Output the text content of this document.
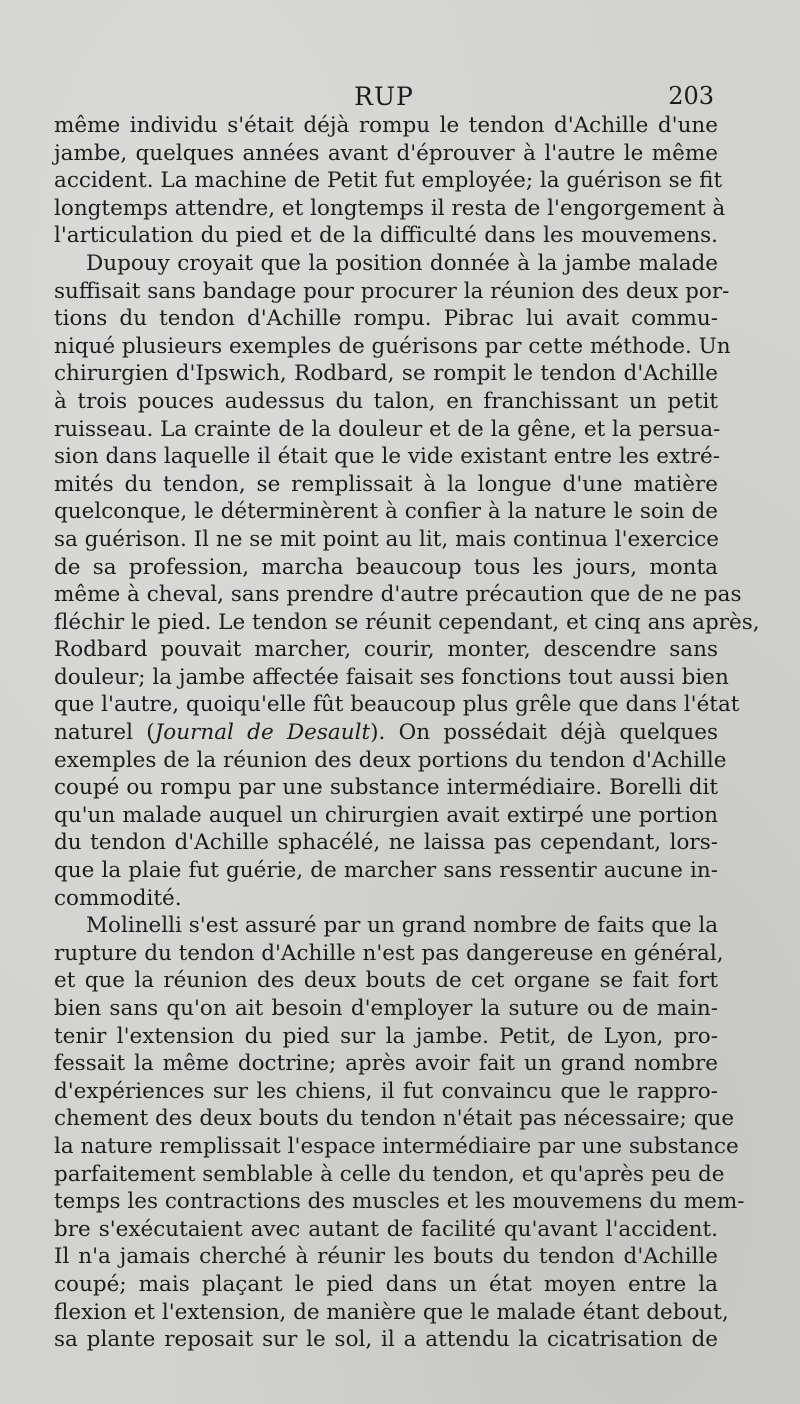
RUP	203
même individu s'était déjà rompu le tendon d'Achille d'une
jambe, quelques années avant d'éprouver à l'autre le même
accident. La machine de Petit fut employée; la guérison se fit
longtemps attendre, et longtemps il resta de l'engorgement à
l'articulation du pied et de la difficulté dans les mouvemens.
Dupouy croyait que la position donnée à la jambe malade
suffisait sans bandage pour procurer la réunion des deux por-
tions du tendon d'Achille rompu. Pibrac lui avait commu-
niqué plusieurs exemples de guérisons par cette méthode. Un
chirurgien d'Ipswich, Rodbard, se rompit le tendon d'Achille
à trois pouces audessus du talon, en franchissant un petit
ruisseau. La crainte de la douleur et de la gêne, et la persua-
sion dans laquelle il était que le vide existant entre les extré-
mités du tendon, se remplissait à la longue d'une matière
quelconque, le déterminèrent à confier à la nature le soin de
sa guérison. Il ne se mit point au lit, mais continua l'exercice
de sa profession, marcha beaucoup tous les jours, monta
même à cheval, sans prendre d'autre précaution que de ne pas
fléchir le pied. Le tendon se réunit cependant, et cinq ans après,
Rodbard pouvait marcher, courir, monter, descendre sans
douleur; la jambe affectée faisait ses fonctions tout aussi bien
que l'autre, quoiqu'elle fût beaucoup plus grêle que dans l'état
naturel (Journal de Desault). On possédait déjà quelques
exemples de la réunion des deux portions du tendon d'Achille
coupé ou rompu par une substance intermédiaire. Borelli dit
qu'un malade auquel un chirurgien avait extirpé une portion
du tendon d'Achille sphacélé, ne laissa pas cependant, lors-
que la plaie fut guérie, de marcher sans ressentir aucune in-
commodité.
Molinelli s'est assuré par un grand nombre de faits que la
rupture du tendon d'Achille n'est pas dangereuse en général,
et que la réunion des deux bouts de cet organe se fait fort
bien sans qu'on ait besoin d'employer la suture ou de main-
tenir l'extension du pied sur la jambe. Petit, de Lyon, pro-
fessait la même doctrine; après avoir fait un grand nombre
d'expériences sur les chiens, il fut convaincu que le rappro-
chement des deux bouts du tendon n'était pas nécessaire; que
la nature remplissait l'espace intermédiaire par une substance
parfaitement semblable à celle du tendon, et qu'après peu de
temps les contractions des muscles et les mouvemens du mem-
bre s'exécutaient avec autant de facilité qu'avant l'accident.
Il n'a jamais cherché à réunir les bouts du tendon d'Achille
coupé; mais plaçant le pied dans un état moyen entre la
flexion et l'extension, de manière que le malade étant debout,
sa plante reposait sur le sol, il a attendu la cicatrisation de
